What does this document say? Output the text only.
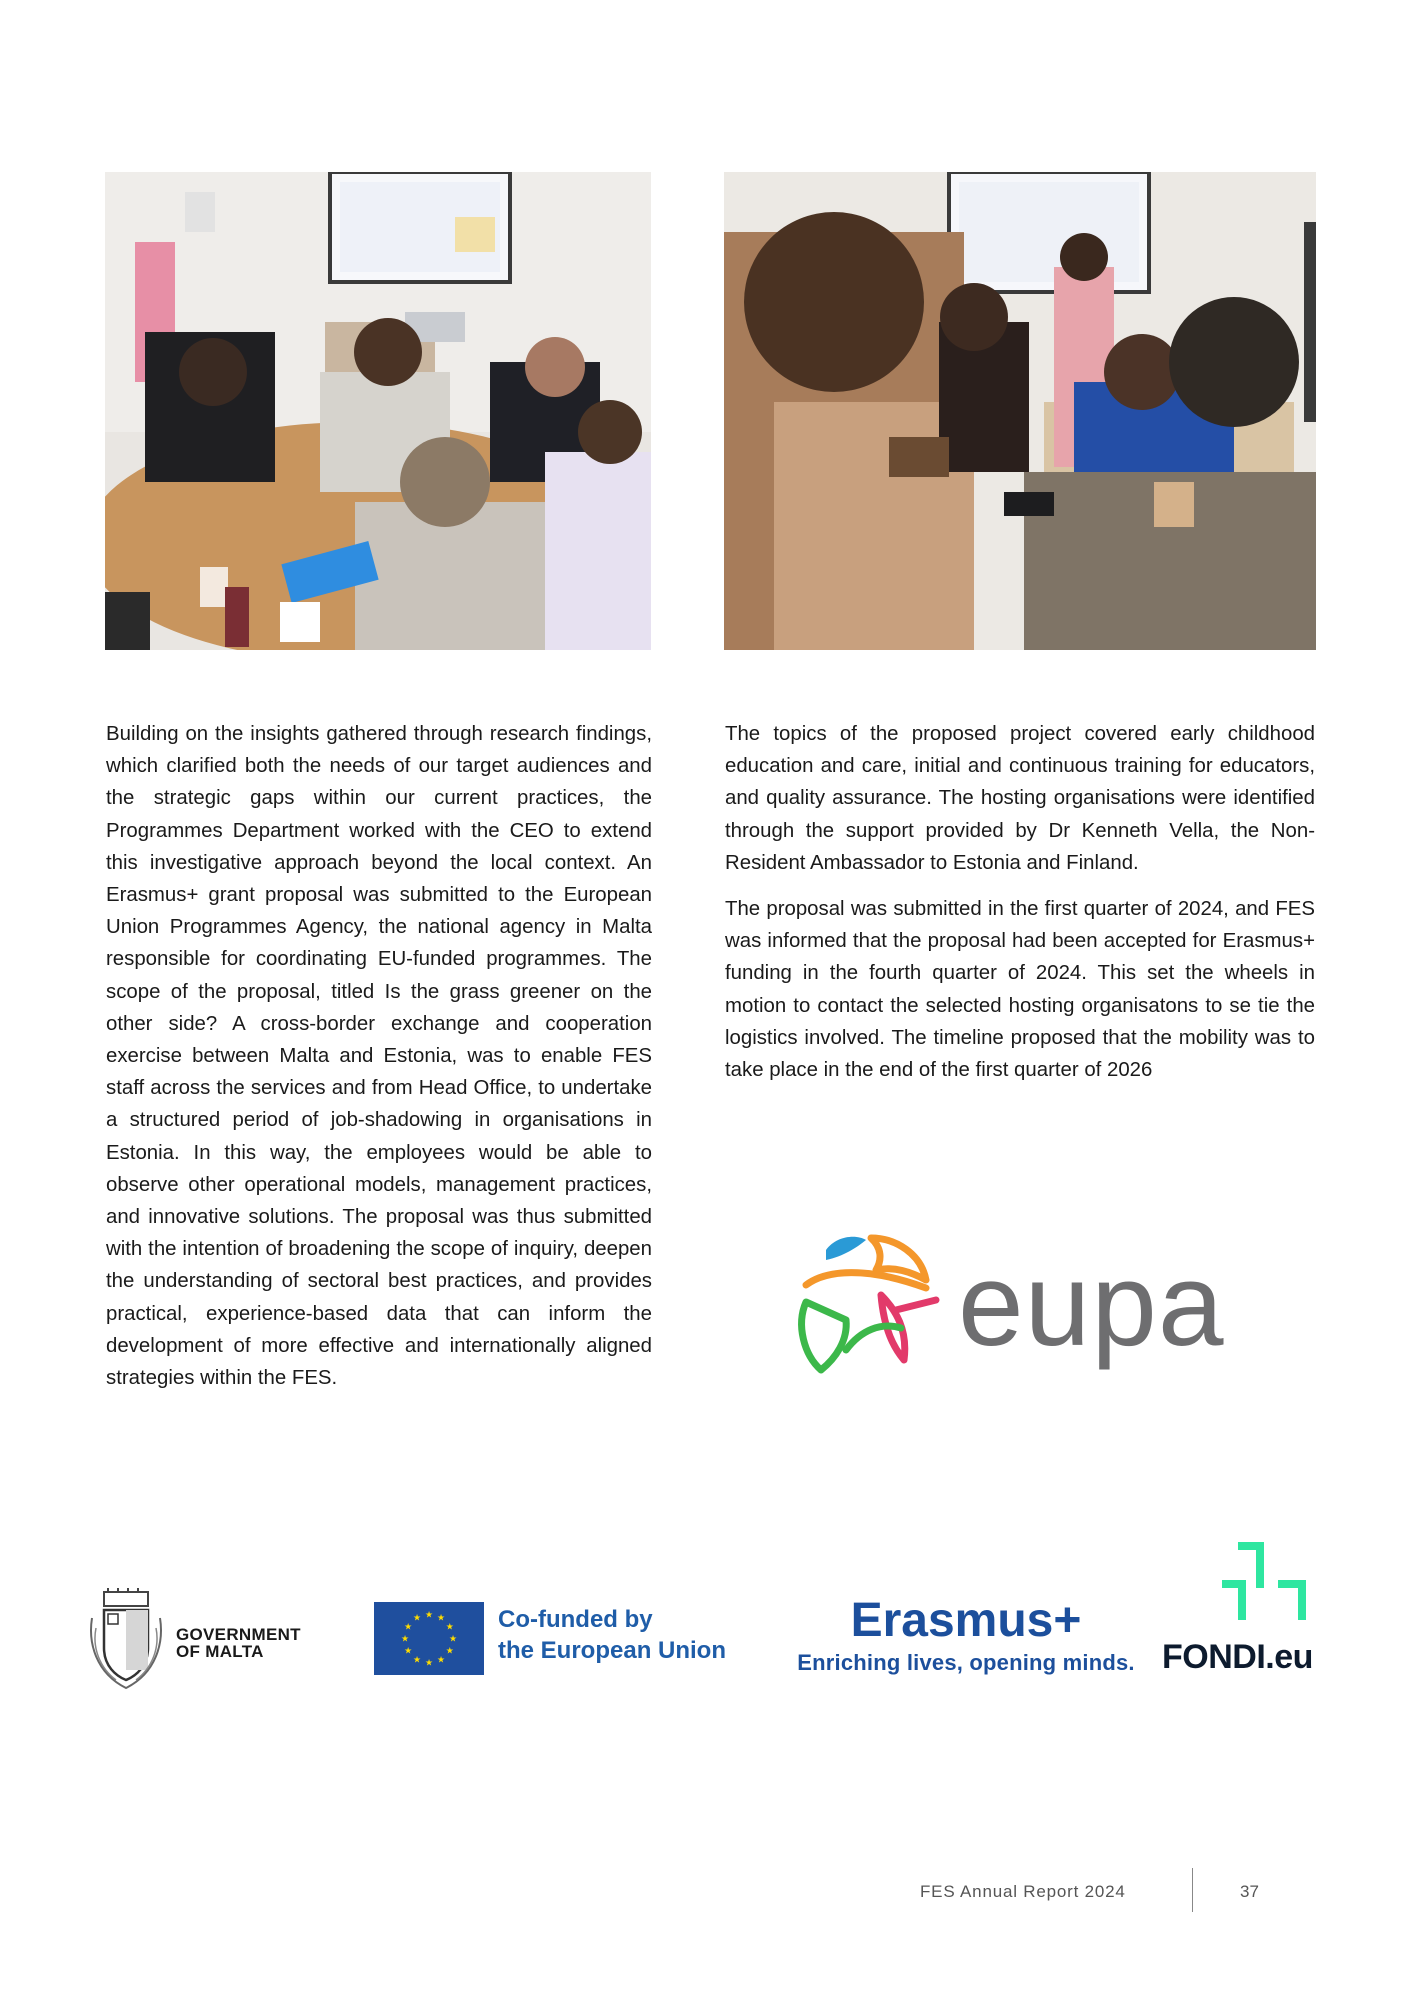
Building on the insights gathered through research findings, which clarified both the needs of our target audiences and the strategic gaps within our current practices, the Programmes Department worked with the CEO to extend this investigative approach beyond the local context. An Erasmus+ grant proposal was submitted to the European Union Programmes Agency, the national agency in Malta responsible for coordinating EU-funded programmes. The scope of the proposal, titled Is the grass greener on the other side? A cross-border exchange and cooperation exercise between Malta and Estonia, was to enable FES staff across the services and from Head Office, to undertake a structured period of job-shadowing in organisations in Estonia. In this way, the employees would be able to observe other operational models, management practices, and innovative solutions. The proposal was thus submitted with the intention of broadening the scope of inquiry, deepen the understanding of sectoral best practices, and provides practical, experience-based data that can inform the development of more effective and internationally aligned strategies within the FES.

The topics of the proposed project covered early childhood education and care, initial and continuous training for educators, and quality assurance. The hosting organisations were identified through the support provided by Dr Kenneth Vella, the Non-Resident Ambassador to Estonia and Finland.

The proposal was submitted in the first quarter of 2024, and FES was informed that the proposal had been accepted for Erasmus+ funding in the fourth quarter of 2024. This set the wheels in motion to contact the selected hosting organisatons to se tie the logistics involved. The timeline proposed that the mobility was to take place in the end of the first quarter of 2026

eupa
GOVERNMENT
OF MALTA
★ ★
★
★
★
★
★
★
★
★
★
★	Co-funded by
the European Union
Erasmus+
Enriching lives, opening minds. FONDI.eu
FES Annual Report 2024	37
